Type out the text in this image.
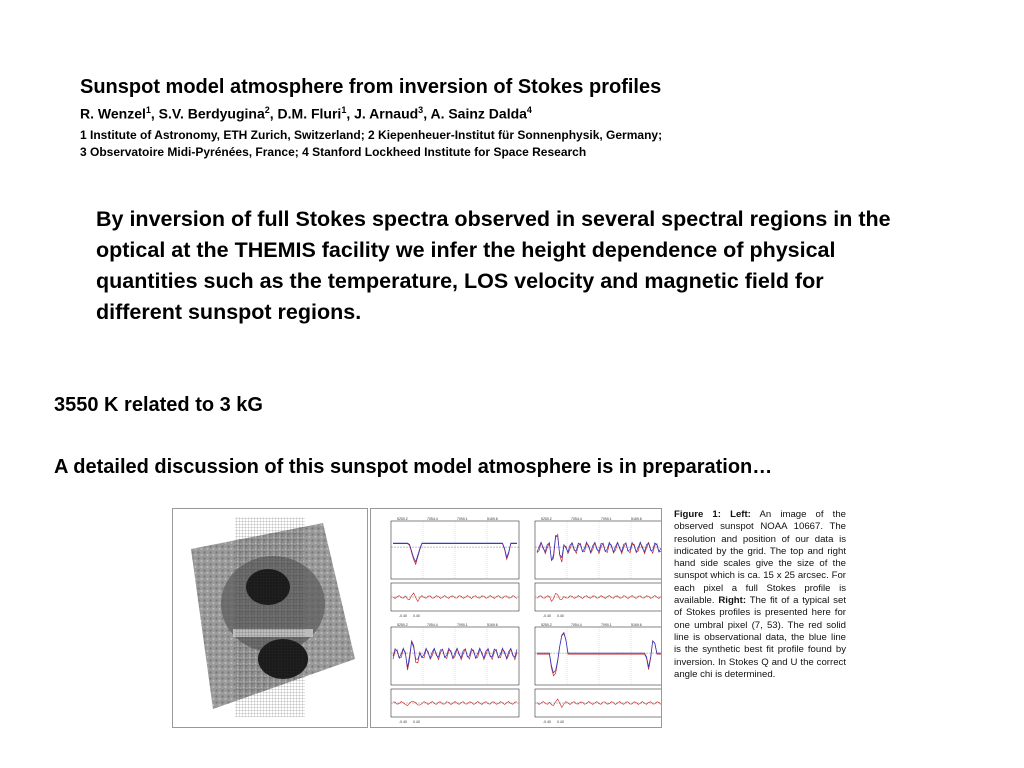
Sunspot model atmosphere from inversion of Stokes profiles
R. Wenzel$^1$, S.V. Berdyugina$^2$, D.M. Fluri$^1$, J. Arnaud$^3$, A. Sainz Dalda$^4$
1 Institute of Astronomy, ETH Zurich, Switzerland; 2 Kiepenheuer-Institut für Sonnenphysik, Germany;
3 Observatoire Midi-Pyrénées, France; 4 Stanford Lockheed Institute for Space Research
By inversion of full Stokes spectra observed in several spectral regions in the optical at the THEMIS facility we infer the height dependence of physical quantities such as the temperature, LOS velocity and magnetic field for different sunspot regions.
3550 K related to 3 kG
A detailed discussion of this sunspot model atmosphere is in preparation…
5250.2	7054.4	7090.1	5169.6
-0.40 0.40
5250.2	7054.4	7090.1	5169.6
-0.40 0.40
5250.2	7054.4	7090.1	5169.6
-0.40 0.40
5250.2	7054.4	7090.1	5169.6
-0.40 0.40
Figure 1: Left: An image of the observed sunspot NOAA 10667. The resolution and position of our data is indicated by the grid. The top and right hand side scales give the size of the sunspot which is ca. 15 x 25 arcsec. For each pixel a full Stokes profile is available. Right: The fit of a typical set of Stokes profiles is presented here for one umbral pixel (7, 53). The red solid line is observational data, the blue line is the synthetic best fit profile found by inversion. In Stokes Q and U the correct angle chi is determined.
